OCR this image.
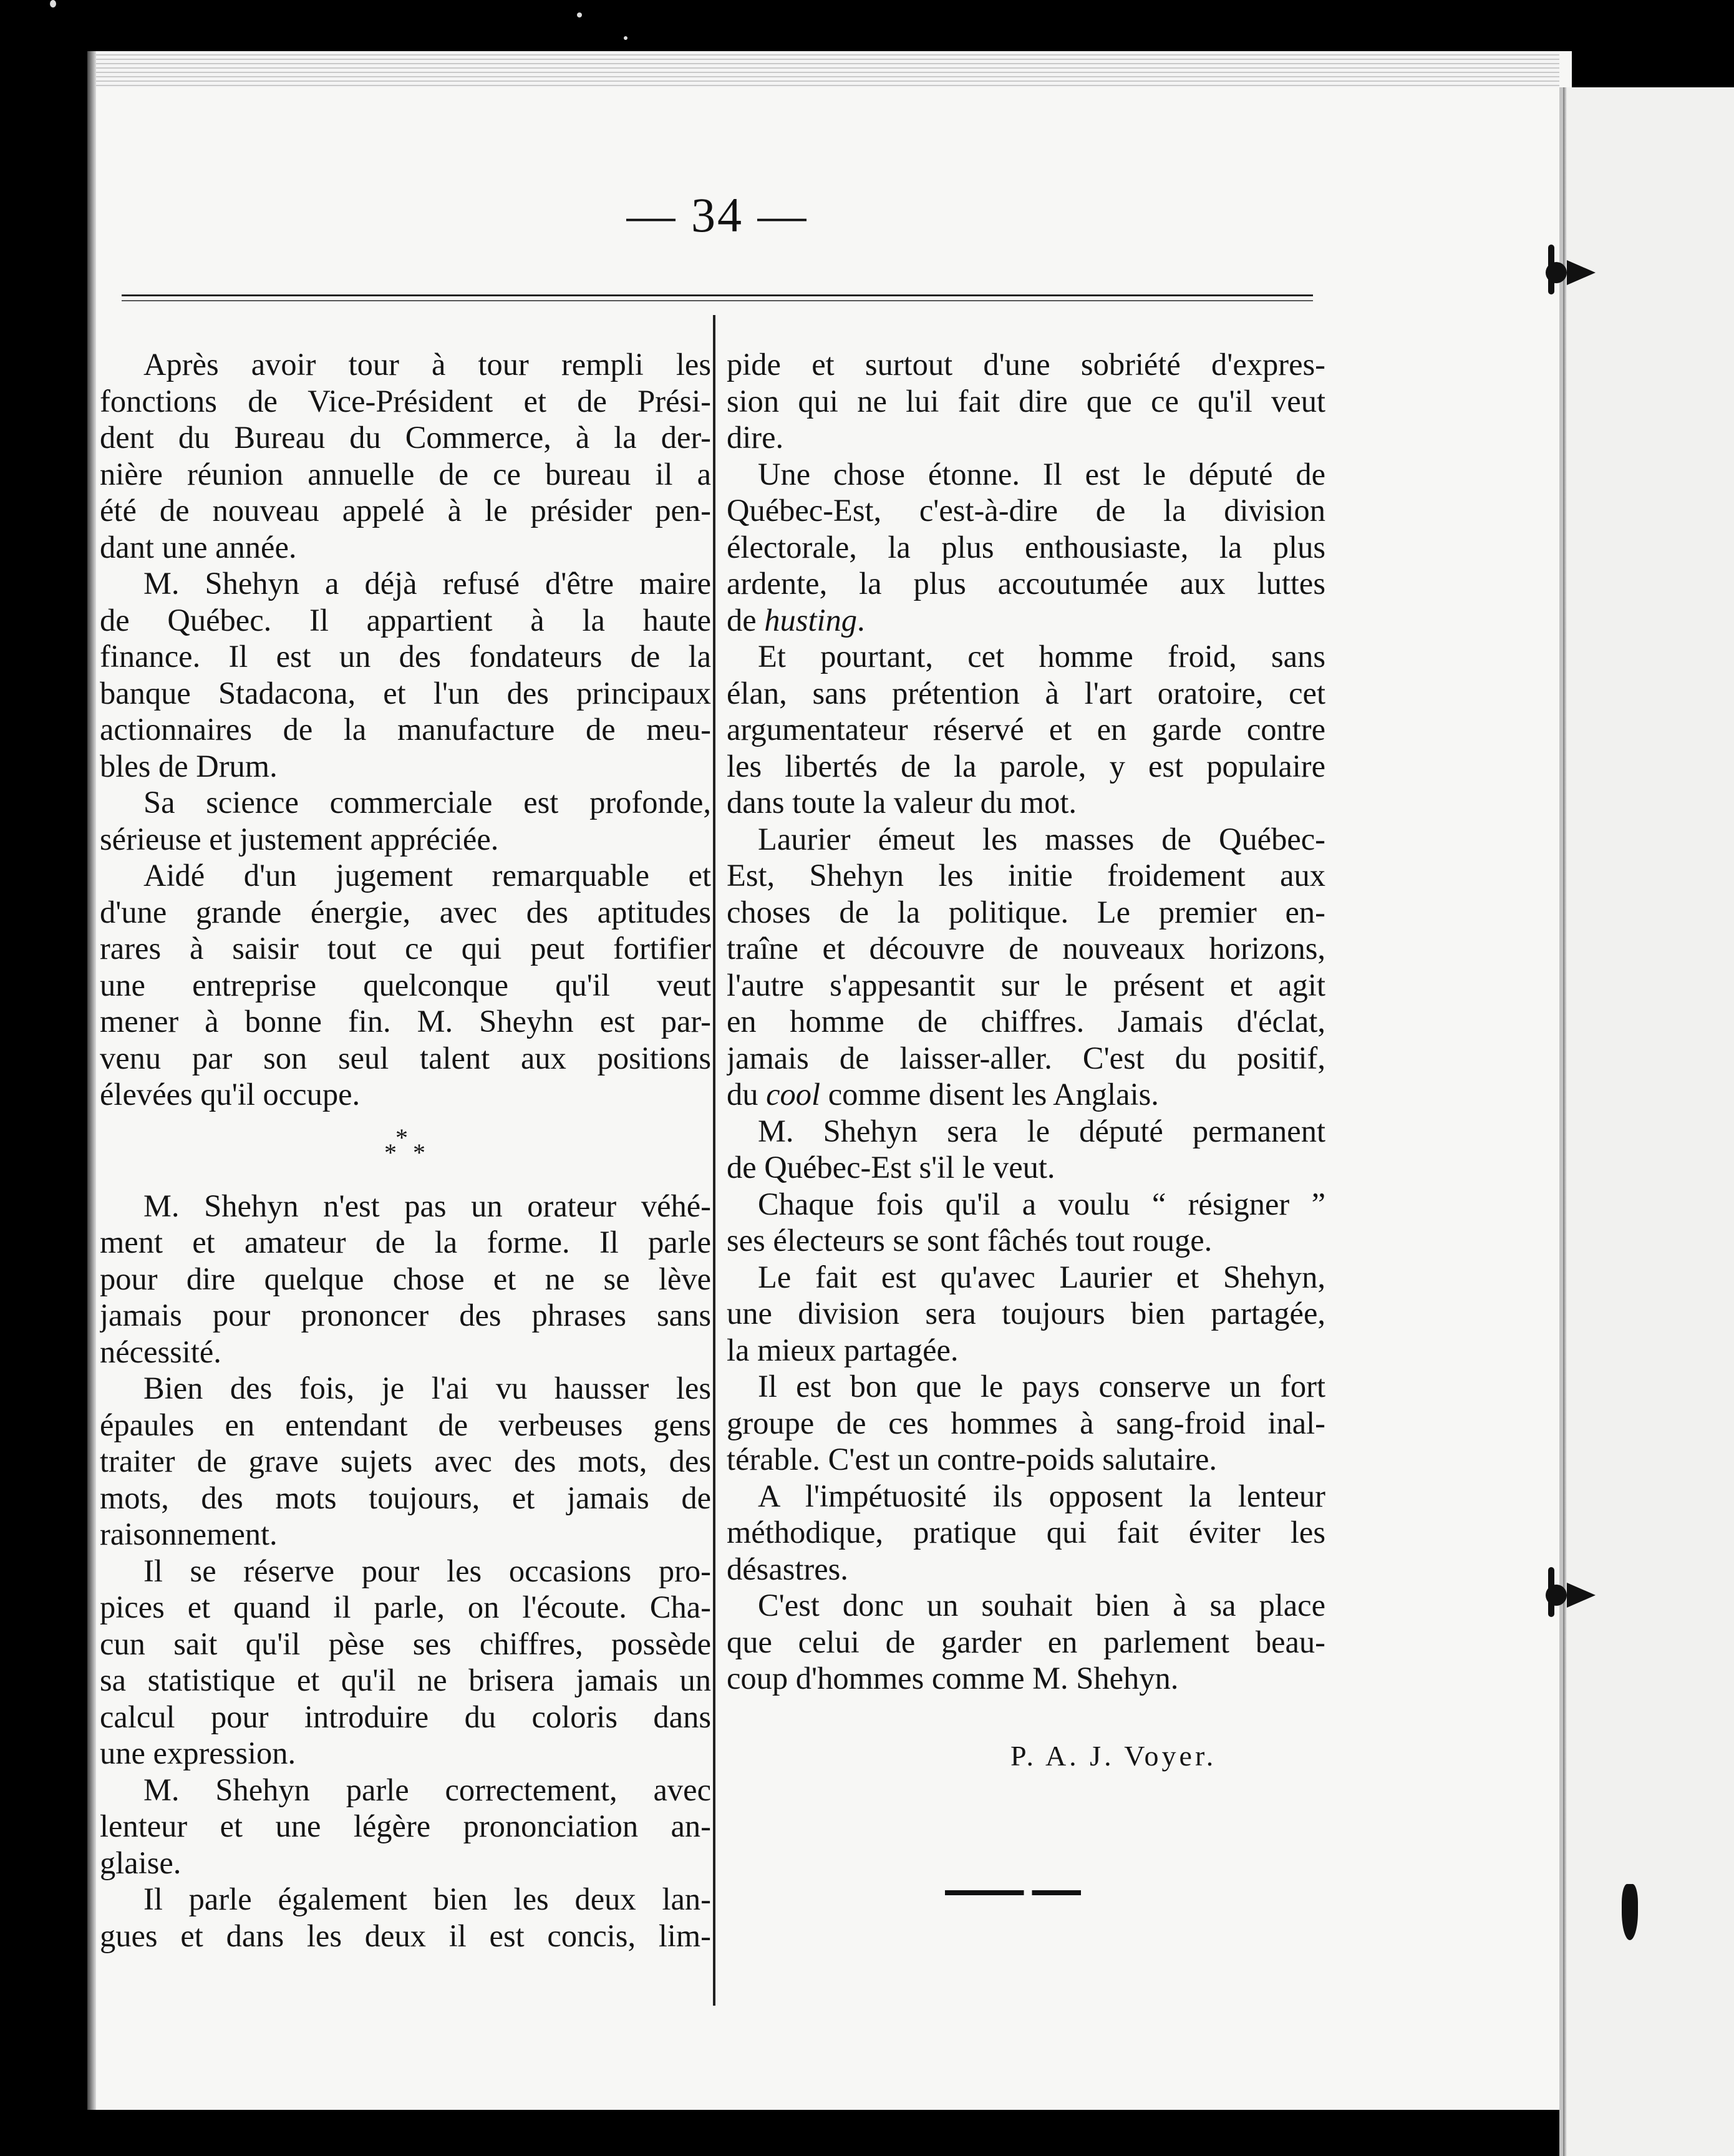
— 34 —
Après avoir tour à tour rempli les
fonctions de Vice-Président et de Prési-
dent du Bureau du Commerce, à la der-
nière réunion annuelle de ce bureau il a
été de nouveau appelé à le présider pen-
dant une année.
M. Shehyn a déjà refusé d'être maire
de Québec. Il appartient à la haute
finance. Il est un des fondateurs de la
banque Stadacona, et l'un des principaux
actionnaires de la manufacture de meu-
bles de Drum.
Sa science commerciale est profonde,
sérieuse et justement appréciée.
Aidé d'un jugement remarquable et
d'une grande énergie, avec des aptitudes
rares à saisir tout ce qui peut fortifier
une entreprise quelconque qu'il veut
mener à bonne fin. M. Sheyhn est par-
venu par son seul talent aux positions
élevées qu'il occupe.
* * *
M. Shehyn n'est pas un orateur véhé-
ment et amateur de la forme. Il parle
pour dire quelque chose et ne se lève
jamais pour prononcer des phrases sans
nécessité.
Bien des fois, je l'ai vu hausser les
épaules en entendant de verbeuses gens
traiter de grave sujets avec des mots, des
mots, des mots toujours, et jamais de
raisonnement.
Il se réserve pour les occasions pro-
pices et quand il parle, on l'écoute. Cha-
cun sait qu'il pèse ses chiffres, possède
sa statistique et qu'il ne brisera jamais un
calcul pour introduire du coloris dans
une expression.
M. Shehyn parle correctement, avec
lenteur et une légère prononciation an-
glaise.
Il parle également bien les deux lan-
gues et dans les deux il est concis, lim-
pide et surtout d'une sobriété d'expres-
sion qui ne lui fait dire que ce qu'il veut
dire.
Une chose étonne. Il est le député de
Québec-Est, c'est-à-dire de la division
électorale, la plus enthousiaste, la plus
ardente, la plus accoutumée aux luttes
de husting.
Et pourtant, cet homme froid, sans
élan, sans prétention à l'art oratoire, cet
argumentateur réservé et en garde contre
les libertés de la parole, y est populaire
dans toute la valeur du mot.
Laurier émeut les masses de Québec-
Est, Shehyn les initie froidement aux
choses de la politique. Le premier en-
traîne et découvre de nouveaux horizons,
l'autre s'appesantit sur le présent et agit
en homme de chiffres. Jamais d'éclat,
jamais de laisser-aller. C'est du positif,
du cool comme disent les Anglais.
M. Shehyn sera le député permanent
de Québec-Est s'il le veut.
Chaque fois qu'il a voulu “ résigner ”
ses électeurs se sont fâchés tout rouge.
Le fait est qu'avec Laurier et Shehyn,
une division sera toujours bien partagée,
la mieux partagée.
Il est bon que le pays conserve un fort
groupe de ces hommes à sang-froid inal-
térable. C'est un contre-poids salutaire.
A l'impétuosité ils opposent la lenteur
méthodique, pratique qui fait éviter les
désastres.
C'est donc un souhait bien à sa place
que celui de garder en parlement beau-
coup d'hommes comme M. Shehyn.
P. A. J. Voyer.
